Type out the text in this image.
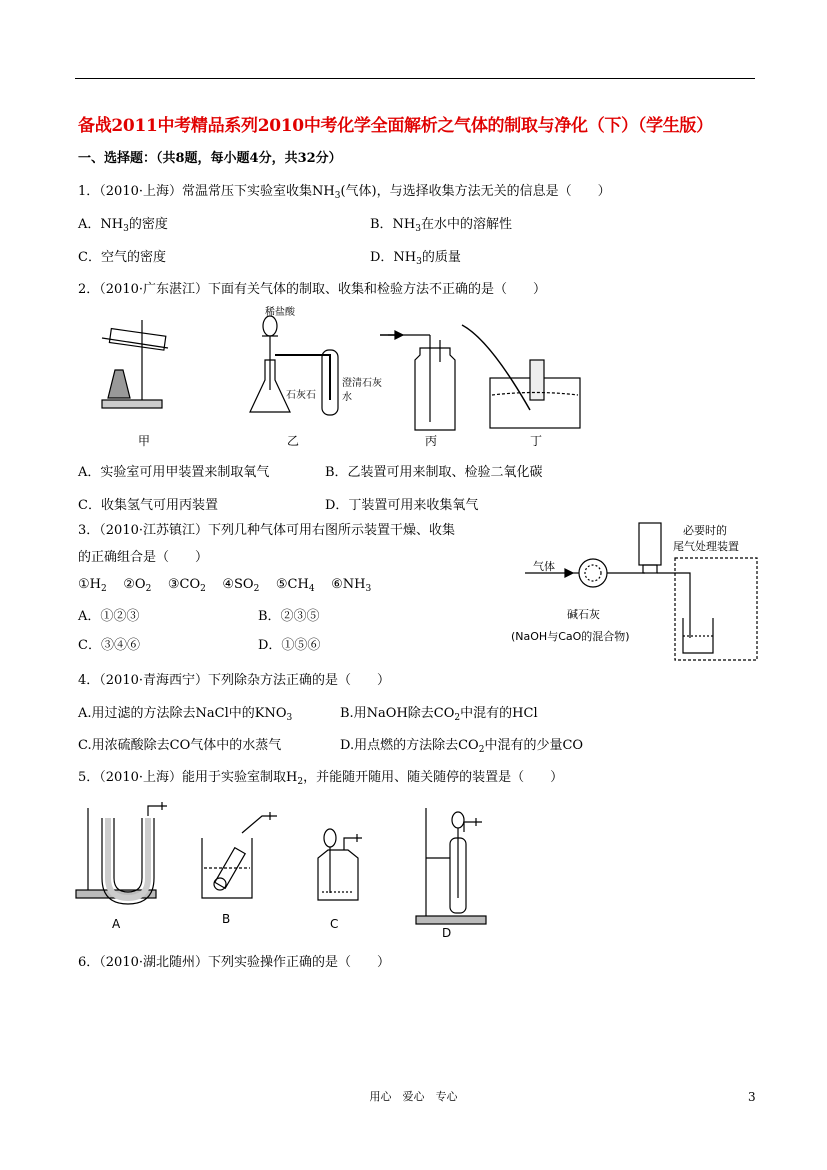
备战2011中考精品系列2010中考化学全面解析之气体的制取与净化（下）（学生版）
一、选择题：（共8题，每小题4分，共32分）
1．（2010·上海）常温常压下实验室收集$NH_3$(气体)，与选择收集方法无关的信息是（　　）
A．$NH_3$的密度	B．$NH_3$在水中的溶解性
C．空气的密度	D．$NH_3$的质量
2．（2010·广东湛江）下面有关气体的制取、收集和检验方法不正确的是（　　）
稀盐酸
石灰石
澄清石灰
水
甲	乙	丙	丁
A．实验室可用甲装置来制取氧气	B．乙装置可用来制取、检验二氧化碳
C．收集氢气可用丙装置	D．丁装置可用来收集氧气
3．（2010·江苏镇江）下列几种气体可用右图所示装置干燥、收集
的正确组合是（　　）
$①H_2$ $②O_2$ $③CO_2$ $④SO_2$ $⑤CH_4$ $⑥NH_3$
A．①②③	B．②③⑤
C．③④⑥	D．①⑤⑥
气体
必要时的
尾气处理装置
碱石灰
(NaOH与CaO的混合物)
4．（2010·青海西宁）下列除杂方法正确的是（　　）
A.用过滤的方法除去NaCl中的$KNO_3$	B.用NaOH除去$CO_2$中混有的HCl
C.用浓硫酸除去CO气体中的水蒸气	D.用点燃的方法除去$CO_2$中混有的少量CO
5．（2010·上海）能用于实验室制取$H_2$，并能随开随用、随关随停的装置是（　　）
A	B	C
D
6．（2010·湖北随州）下列实验操作正确的是（　　）
用心　爱心　专心	3
